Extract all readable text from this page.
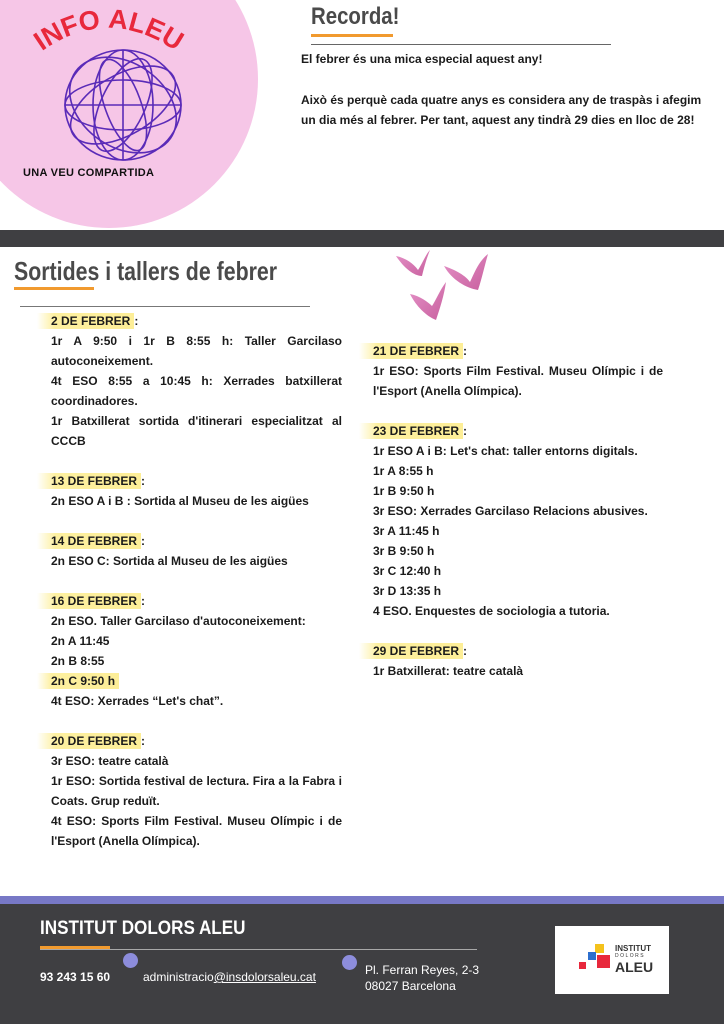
INFO ALEU
UNA VEU COMPARTIDA
Recorda!
El febrer és una mica especial aquest any!
Això és perquè cada quatre anys es considera any de traspàs i afegim un dia més al febrer. Per tant, aquest any tindrà 29 dies en lloc de 28!
Sortides i tallers de febrer
2 DE FEBRER :
1r A 9:50 i 1r B 8:55 h: Taller Garcilaso autoconeixement.
4t ESO 8:55 a 10:45 h: Xerrades batxillerat coordinadores.
1r Batxillerat sortida d'itinerari especialitzat al CCCB
13 DE FEBRER :
2n ESO A i B : Sortida al Museu de les aigües
14 DE FEBRER :
2n ESO C: Sortida al Museu de les aigües
16 DE FEBRER :
2n ESO. Taller Garcilaso d'autoconeixement:
2n A 11:45
2n B 8:55
2n C 9:50 h
4t ESO: Xerrades “Let's chat”.
20 DE FEBRER :
3r ESO: teatre català
1r ESO: Sortida festival de lectura. Fira a la Fabra i Coats. Grup reduït.
4t ESO: Sports Film Festival. Museu Olímpic i de l'Esport (Anella Olímpica).
21 DE FEBRER :
1r ESO: Sports Film Festival. Museu Olímpic i de l'Esport (Anella Olímpica).
23 DE FEBRER :
1r ESO A i B: Let's chat: taller entorns digitals.
1r A 8:55 h
1r B 9:50 h
3r ESO: Xerrades Garcilaso Relacions abusives.
3r A 11:45 h
3r B 9:50 h
3r C 12:40 h
3r D 13:35 h
4 ESO. Enquestes de sociologia a tutoria.
29 DE FEBRER :
1r Batxillerat: teatre català
INSTITUT DOLORS ALEU
93 243 15 60	administracio@insdolorsaleu.cat	Pl. Ferran Reyes, 2-3
08027 Barcelona
INSTITUT
DOLORS
ALEU
